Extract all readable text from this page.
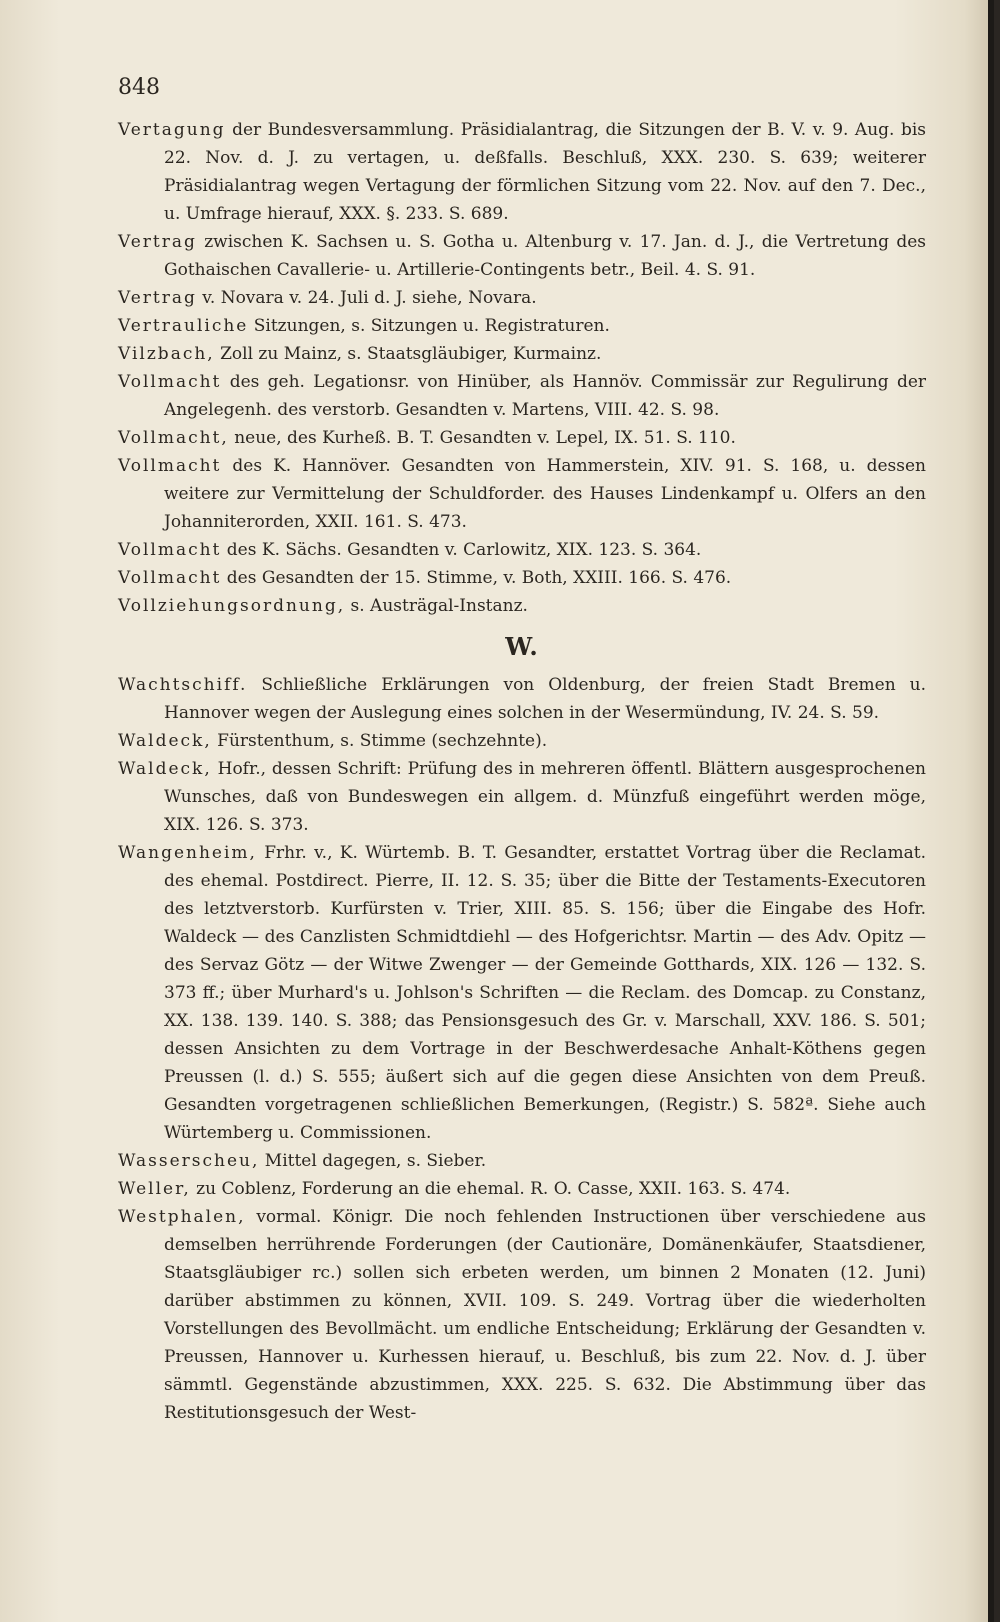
848

Vertagung der Bundesversammlung. Präsidialantrag, die Sitzungen der B. V. v. 9. Aug. bis 22. Nov. d. J. zu vertagen, u. deßfalls. Beschluß, XXX. 230. S. 639; weiterer Präsidialantrag wegen Vertagung der förmlichen Sitzung vom 22. Nov. auf den 7. Dec., u. Umfrage hierauf, XXX. §. 233. S. 689.

Vertrag zwischen K. Sachsen u. S. Gotha u. Altenburg v. 17. Jan. d. J., die Vertretung des Gothaischen Cavallerie- u. Artillerie-Contingents betr., Beil. 4. S. 91.

Vertrag v. Novara v. 24. Juli d. J. siehe, Novara.

Vertrauliche Sitzungen, s. Sitzungen u. Registraturen.

Vilzbach, Zoll zu Mainz, s. Staatsgläubiger, Kurmainz.

Vollmacht des geh. Legationsr. von Hinüber, als Hannöv. Commissär zur Regulirung der Angelegenh. des verstorb. Gesandten v. Martens, VIII. 42. S. 98.

Vollmacht, neue, des Kurheß. B. T. Gesandten v. Lepel, IX. 51. S. 110.

Vollmacht des K. Hannöver. Gesandten von Hammerstein, XIV. 91. S. 168, u. dessen weitere zur Vermittelung der Schuldforder. des Hauses Lindenkampf u. Olfers an den Johanniterorden, XXII. 161. S. 473.

Vollmacht des K. Sächs. Gesandten v. Carlowitz, XIX. 123. S. 364.

Vollmacht des Gesandten der 15. Stimme, v. Both, XXIII. 166. S. 476.

Vollziehungsordnung, s. Austrägal-Instanz.

W.

Wachtschiff. Schließliche Erklärungen von Oldenburg, der freien Stadt Bremen u. Hannover wegen der Auslegung eines solchen in der Wesermündung, IV. 24. S. 59.

Waldeck, Fürstenthum, s. Stimme (sechzehnte).

Waldeck, Hofr., dessen Schrift: Prüfung des in mehreren öffentl. Blättern ausgesprochenen Wunsches, daß von Bundeswegen ein allgem. d. Münzfuß eingeführt werden möge, XIX. 126. S. 373.

Wangenheim, Frhr. v., K. Würtemb. B. T. Gesandter, erstattet Vortrag über die Reclamat. des ehemal. Postdirect. Pierre, II. 12. S. 35; über die Bitte der Testaments-Executoren des letztverstorb. Kurfürsten v. Trier, XIII. 85. S. 156; über die Eingabe des Hofr. Waldeck — des Canzlisten Schmidtdiehl — des Hofgerichtsr. Martin — des Adv. Opitz — des Servaz Götz — der Witwe Zwenger — der Gemeinde Gotthards, XIX. 126 — 132. S. 373 ff.; über Murhard's u. Johlson's Schriften — die Reclam. des Domcap. zu Constanz, XX. 138. 139. 140. S. 388; das Pensionsgesuch des Gr. v. Marschall, XXV. 186. S. 501; dessen Ansichten zu dem Vortrage in der Beschwerdesache Anhalt-Köthens gegen Preussen (l. d.) S. 555; äußert sich auf die gegen diese Ansichten von dem Preuß. Gesandten vorgetragenen schließlichen Bemerkungen, (Registr.) S. 582ª. Siehe auch Würtemberg u. Commissionen.

Wasserscheu, Mittel dagegen, s. Sieber.

Weller, zu Coblenz, Forderung an die ehemal. R. O. Casse, XXII. 163. S. 474.

Westphalen, vormal. Königr. Die noch fehlenden Instructionen über verschiedene aus demselben herrührende Forderungen (der Cautionäre, Domänenkäufer, Staatsdiener, Staatsgläubiger rc.) sollen sich erbeten werden, um binnen 2 Monaten (12. Juni) darüber abstimmen zu können, XVII. 109. S. 249. Vortrag über die wiederholten Vorstellungen des Bevollmächt. um endliche Entscheidung; Erklärung der Gesandten v. Preussen, Hannover u. Kurhessen hierauf, u. Beschluß, bis zum 22. Nov. d. J. über sämmtl. Gegenstände abzustimmen, XXX. 225. S. 632. Die Abstimmung über das Restitutionsgesuch der West-
